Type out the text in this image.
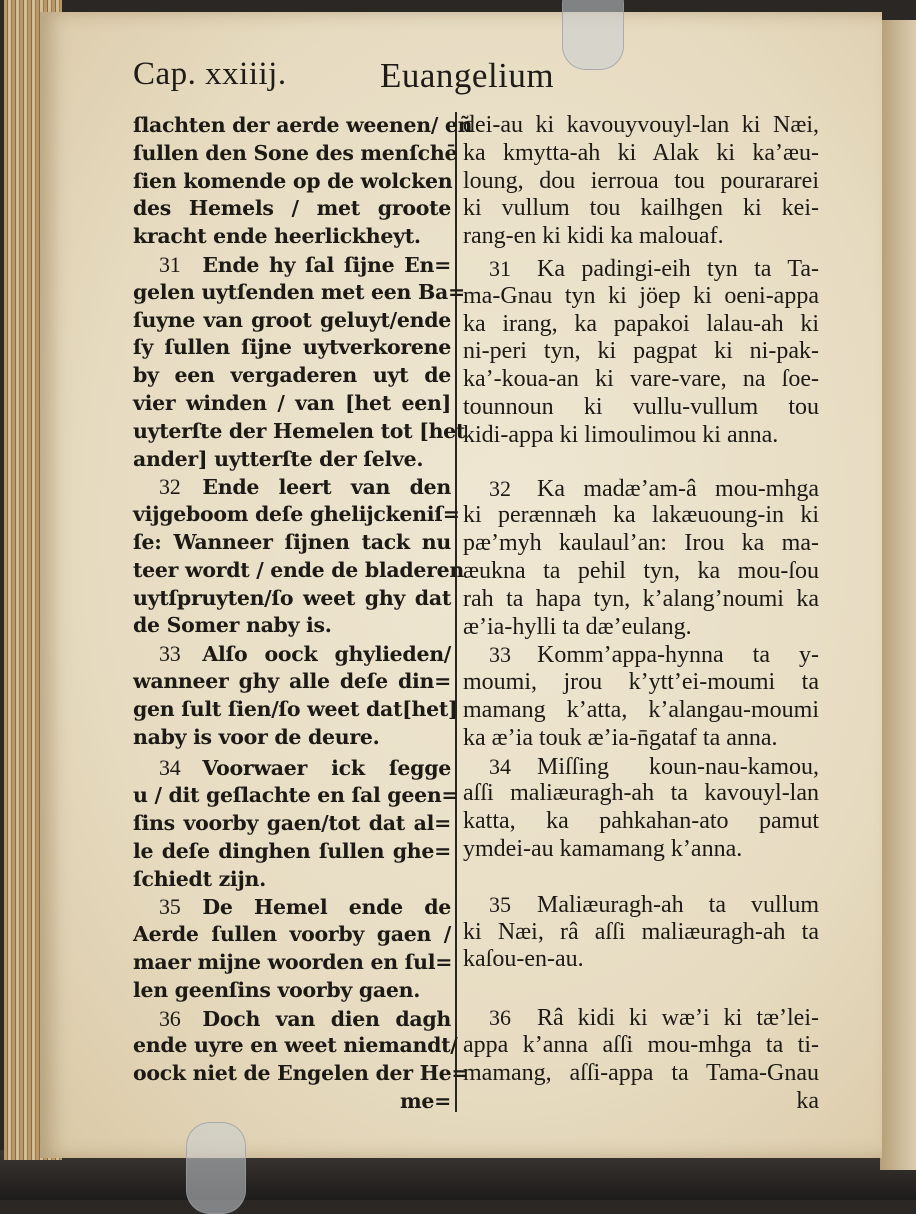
Cap. xxiiij.	Euangelium
ſlachten der aerde weenen/ eñ
ſullen den Sone des menſchē
ſien komende op de wolcken
des Hemels / met groote
kracht ende heerlickheyt.
31 Ende hy ſal ſijne En=
gelen uytſenden met een Ba=
ſuyne van groot geluyt/ende
ſy ſullen ſijne uytverkorene
by een vergaderen uyt de
vier winden / van [het een]
uyterſte der Hemelen tot [het
ander] uytterſte der ſelve.
32 Ende leert van den
vijgeboom deſe ghelijckeniſ=
ſe: Wanneer ſijnen tack nu
teer wordt / ende de bladeren
uytſpruyten/ſo weet ghy dat
de Somer naby is.
33 Alſo oock ghylieden/
wanneer ghy alle deſe din=
gen ſult ſien/ſo weet dat[het]
naby is voor de deure.
34 Voorwaer ick ſegge
u / dit geſlachte en ſal geen=
ſins voorby gaen/tot dat al=
le deſe dinghen ſullen ghe=
ſchiedt zijn.
35 De Hemel ende de
Aerde ſullen voorby gaen /
maer mijne woorden en ſul=
len geenſins voorby gaen.
36 Doch van dien dagh
ende uyre en weet niemandt/
oock niet de Engelen der He=
me=
dei-au ki kavouyvouyl-lan ki Næi,
ka kmytta-ah ki Alak ki ka’æu-
loung, dou ierroua tou pourararei
ki vullum tou kailhgen ki kei-
rang-en ki kidi ka malouaf.
31 Ka padingi-eih tyn ta Ta-
ma-Gnau tyn ki jöep ki oeni-appa
ka irang, ka papakoi lalau-ah ki
ni-peri tyn, ki pagpat ki ni-pak-
ka’-koua-an ki vare-vare, na ſoe-
tounnoun ki vullu-vullum tou
kidi-appa ki limoulimou ki anna.
32 Ka madæ’am-â mou-mhga
ki perænnæh ka lakæuoung-in ki
pæ’myh kaulaul’an: Irou ka ma-
æukna ta pehil tyn, ka mou-ſou
rah ta hapa tyn, k’alang’noumi ka
æ’ia-hylli ta dæ’eulang.
33 Komm’appa-hynna ta y-
moumi, jrou k’ytt’ei-moumi ta
mamang k’atta, k’alangau-moumi
ka æ’ia touk æ’ia-n̄gataf ta anna.
34 Miſſing koun-nau-kamou,
aſſi maliæuragh-ah ta kavouyl-lan
katta, ka pahkahan-ato pamut
ymdei-au kamamang k’anna.
35 Maliæuragh-ah ta vullum
ki Næi, râ aſſi maliæuragh-ah ta
kaſou-en-au.
36 Râ kidi ki wæ’i ki tæ’lei-
appa k’anna aſſi mou-mhga ta ti-
mamang, aſſi-appa ta Tama-Gnau
ka
